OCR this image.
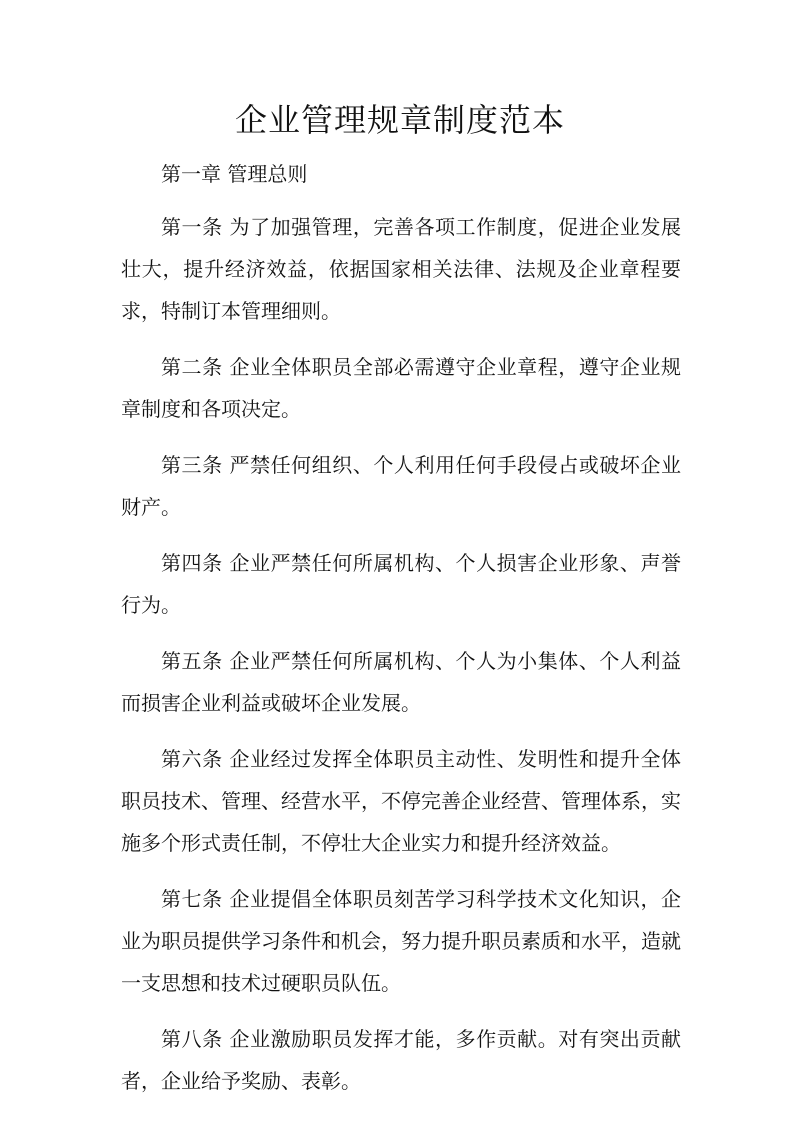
企业管理规章制度范本

第一章 管理总则

第一条 为了加强管理，完善各项工作制度，促进企业发展壮大，提升经济效益，依据国家相关法律、法规及企业章程要求，特制订本管理细则。

第二条 企业全体职员全部必需遵守企业章程，遵守企业规章制度和各项决定。

第三条 严禁任何组织、个人利用任何手段侵占或破坏企业财产。

第四条 企业严禁任何所属机构、个人损害企业形象、声誉行为。

第五条 企业严禁任何所属机构、个人为小集体、个人利益而损害企业利益或破坏企业发展。

第六条 企业经过发挥全体职员主动性、发明性和提升全体职员技术、管理、经营水平，不停完善企业经营、管理体系，实施多个形式责任制，不停壮大企业实力和提升经济效益。

第七条 企业提倡全体职员刻苦学习科学技术文化知识，企业为职员提供学习条件和机会，努力提升职员素质和水平，造就一支思想和技术过硬职员队伍。

第八条 企业激励职员发挥才能，多作贡献。对有突出贡献者，企业给予奖励、表彰。
